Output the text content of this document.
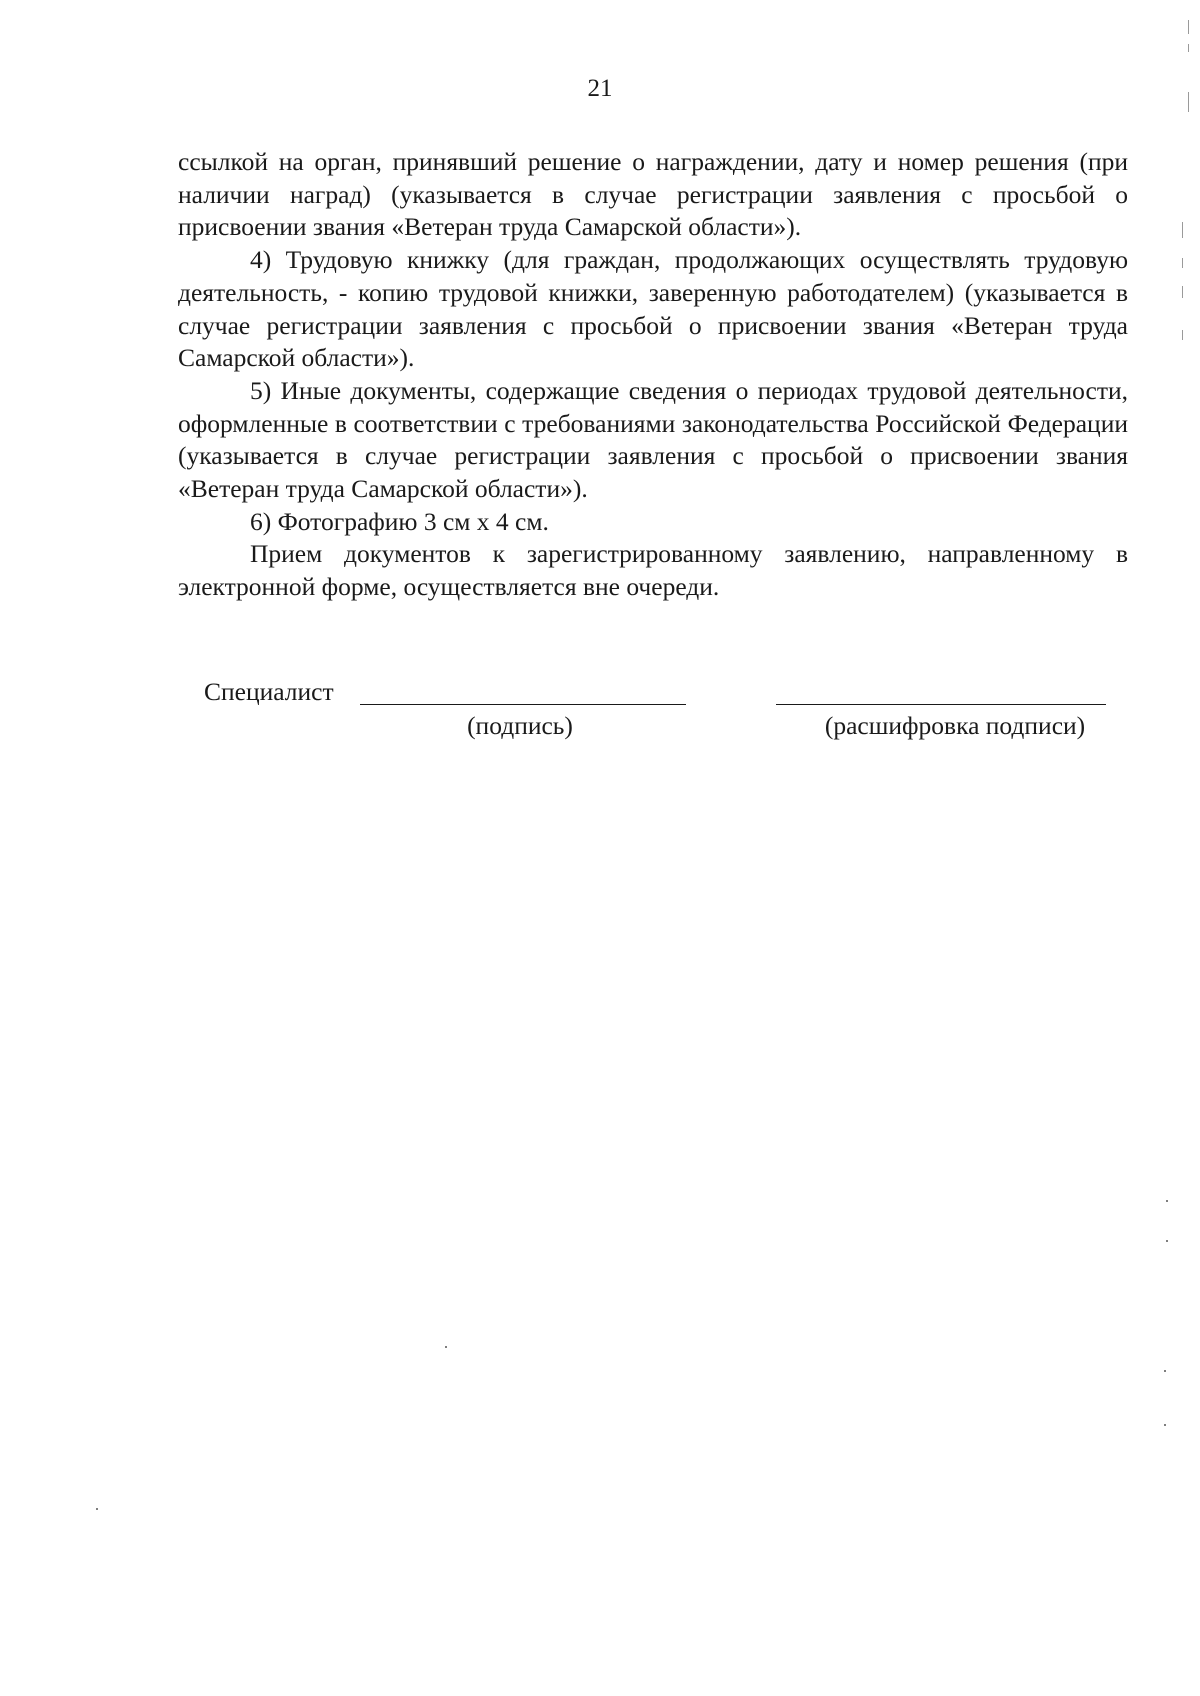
21

ссылкой на орган, принявший решение о награждении, дату и номер решения (при наличии наград) (указывается в случае регистрации заявления с просьбой о присвоении звания «Ветеран труда Самарской области»).

4) Трудовую книжку (для граждан, продолжающих осуществлять трудовую деятельность, - копию трудовой книжки, заверенную работодателем) (указывается в случае регистрации заявления с просьбой о присвоении звания «Ветеран труда Самарской области»).

5) Иные документы, содержащие сведения о периодах трудовой деятельности, оформленные в соответствии с требованиями законодательства Российской Федерации (указывается в случае регистрации заявления с просьбой о присвоении звания «Ветеран труда Самарской области»).

6) Фотографию 3 см х 4 см.

Прием документов к зарегистрированному заявлению, направленному в электронной форме, осуществляется вне очереди.

Специалист
(подпись)	(расшифровка подписи)
